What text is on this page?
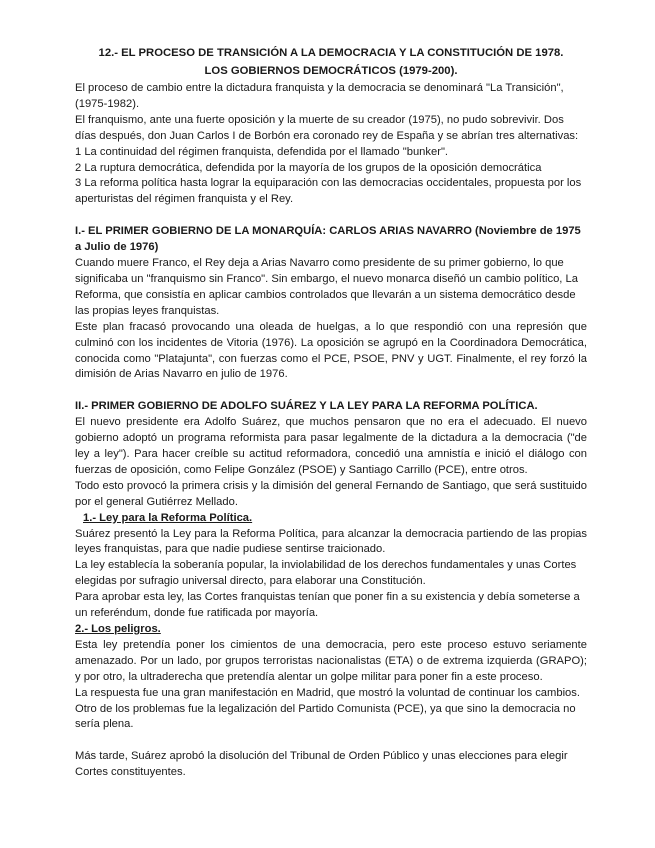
12.- EL PROCESO DE TRANSICIÓN A LA DEMOCRACIA Y LA CONSTITUCIÓN DE 1978.

LOS GOBIERNOS DEMOCRÁTICOS (1979-200).

El proceso de cambio entre la dictadura franquista y la democracia se denominará "La Transición", (1975-1982).

El franquismo, ante una fuerte oposición y la muerte de su creador (1975), no pudo sobrevivir. Dos días después, don Juan Carlos I de Borbón era coronado rey de España y se abrían tres alternativas:

1 La continuidad del régimen franquista, defendida por el llamado "bunker".

2 La ruptura democrática, defendida por la mayoría de los grupos de la oposición democrática

3 La reforma política hasta lograr la equiparación con las democracias occidentales, propuesta por los aperturistas del régimen franquista y el Rey.

I.- EL PRIMER GOBIERNO DE LA MONARQUÍA: CARLOS ARIAS NAVARRO (Noviembre de 1975 a Julio de 1976)

Cuando muere Franco, el Rey deja a Arias Navarro como presidente de su primer gobierno, lo que significaba un "franquismo sin Franco". Sin embargo, el nuevo monarca diseñó un cambio político, La Reforma, que consistía en aplicar cambios controlados que llevarán a un sistema democrático desde las propias leyes franquistas.

Este plan fracasó provocando una oleada de huelgas, a lo que respondió con una represión que culminó con los incidentes de Vitoria (1976). La oposición se agrupó en la Coordinadora Democrática, conocida como "Platajunta", con fuerzas como el PCE, PSOE, PNV y UGT. Finalmente, el rey forzó la dimisión de Arias Navarro en julio de 1976.

II.- PRIMER GOBIERNO DE ADOLFO SUÁREZ Y LA LEY PARA LA REFORMA POLÍTICA.

El nuevo presidente era Adolfo Suárez, que muchos pensaron que no era el adecuado. El nuevo gobierno adoptó un programa reformista para pasar legalmente de la dictadura a la democracia ("de ley a ley"). Para hacer creíble su actitud reformadora, concedió una amnistía e inició el diálogo con fuerzas de oposición, como Felipe González (PSOE) y Santiago Carrillo (PCE), entre otros.

Todo esto provocó la primera crisis y la dimisión del general Fernando de Santiago, que será sustituido por el general Gutiérrez Mellado.

1.- Ley para la Reforma Política.

Suárez presentó la Ley para la Reforma Política, para alcanzar la democracia partiendo de las propias leyes franquistas, para que nadie pudiese sentirse traicionado.

La ley establecía la soberanía popular, la inviolabilidad de los derechos fundamentales y unas Cortes elegidas por sufragio universal directo, para elaborar una Constitución.

Para aprobar esta ley, las Cortes franquistas tenían que poner fin a su existencia y debía someterse a un referéndum, donde fue ratificada por mayoría.

2.- Los peligros.

Esta ley pretendía poner los cimientos de una democracia, pero este proceso estuvo seriamente amenazado. Por un lado, por grupos terroristas nacionalistas (ETA) o de extrema izquierda (GRAPO); y por otro, la ultraderecha que pretendía alentar un golpe militar para poner fin a este proceso.

La respuesta fue una gran manifestación en Madrid, que mostró la voluntad de continuar los cambios.

Otro de los problemas fue la legalización del Partido Comunista (PCE), ya que sino la democracia no sería plena.

Más tarde, Suárez aprobó la disolución del Tribunal de Orden Público y unas elecciones para elegir Cortes constituyentes.
